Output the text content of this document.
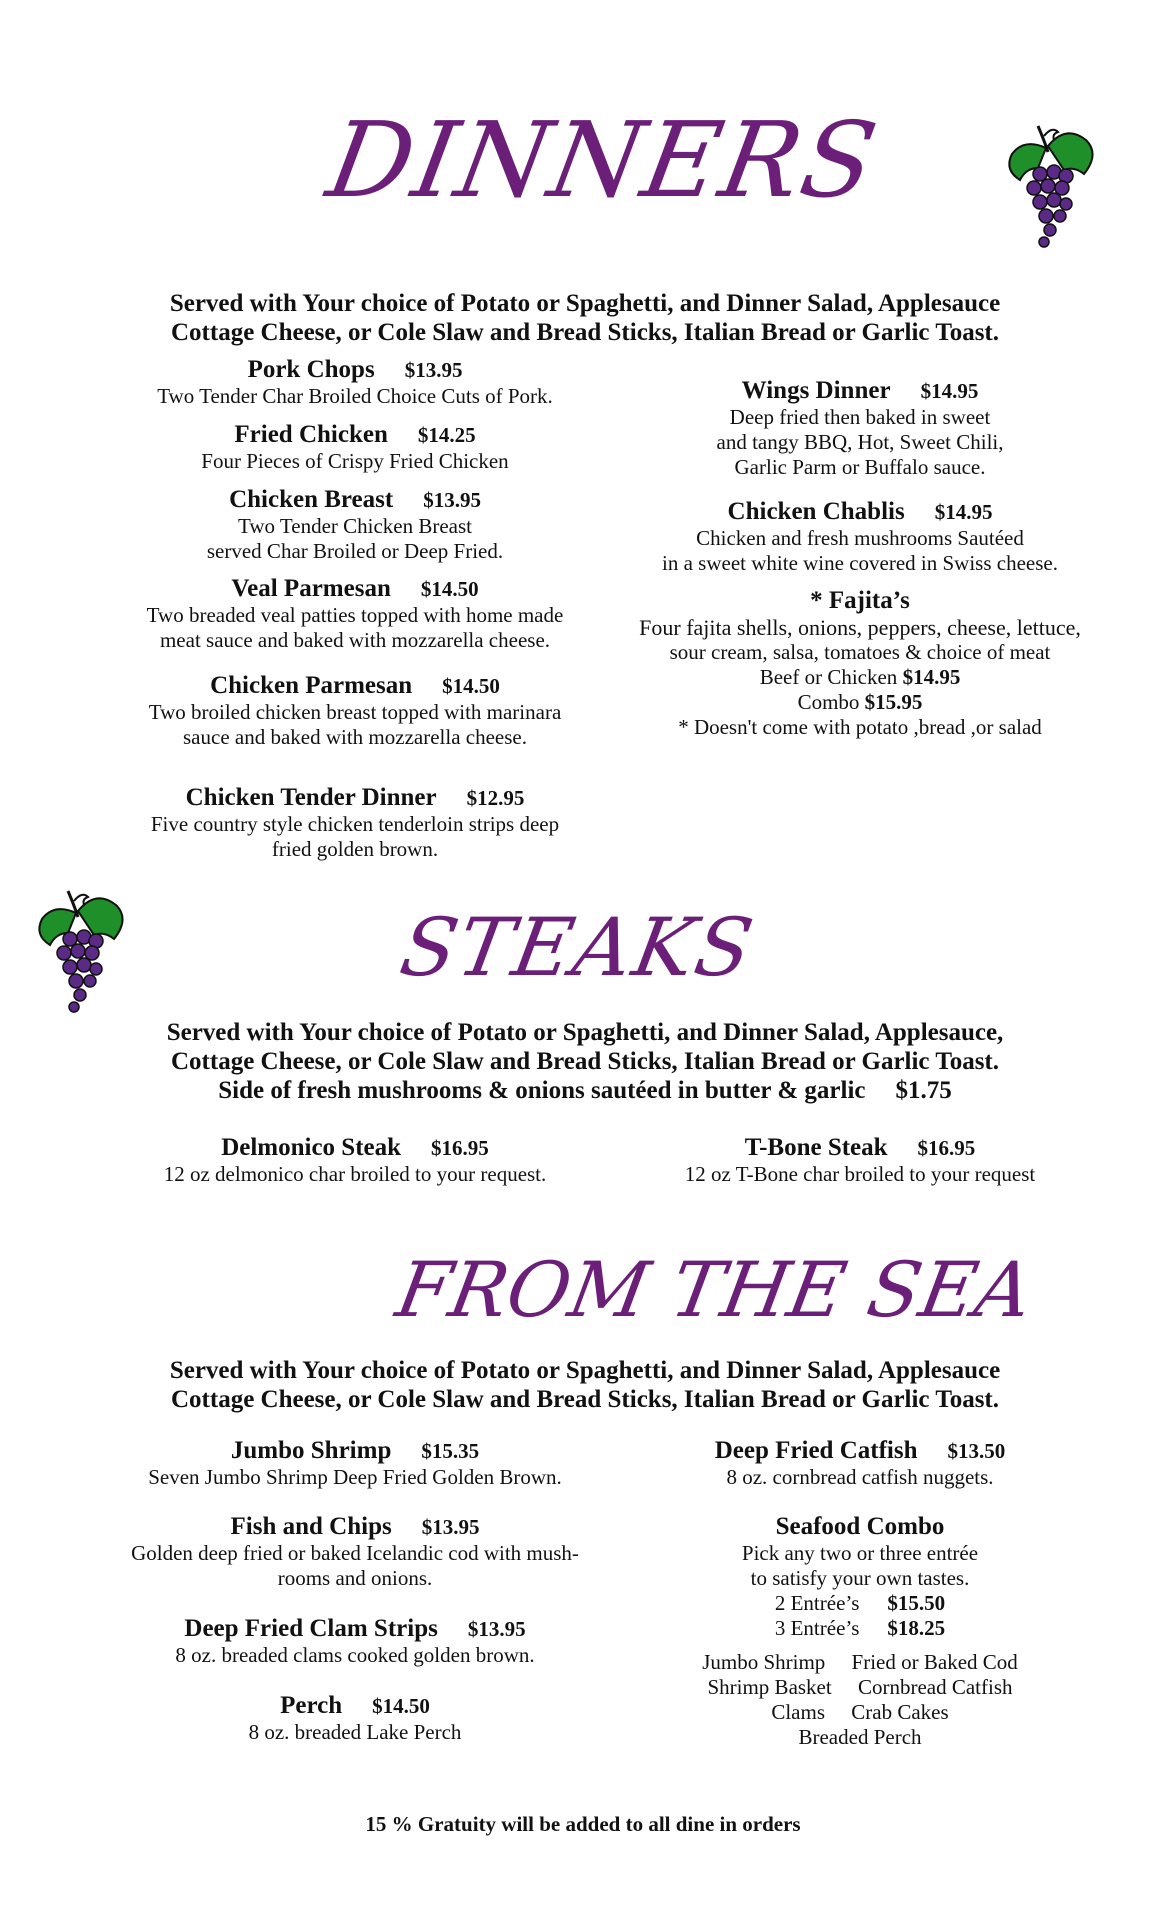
DINNERS
Served with Your choice of Potato or Spaghetti, and Dinner Salad, Applesauce
Cottage Cheese, or Cole Slaw and Bread Sticks, Italian Bread or Garlic Toast.
Pork Chops $13.95
Two Tender Char Broiled Choice Cuts of Pork.
Fried Chicken $14.25
Four Pieces of Crispy Fried Chicken
Chicken Breast $13.95
Two Tender Chicken Breast
served Char Broiled or Deep Fried.
Veal Parmesan $14.50
Two breaded veal patties topped with home made
meat sauce and baked with mozzarella cheese.
Chicken Parmesan $14.50
Two broiled chicken breast topped with marinara
sauce and baked with mozzarella cheese.
Chicken Tender Dinner $12.95
Five country style chicken tenderloin strips deep
fried golden brown.
Wings Dinner $14.95
Deep fried then baked in sweet
and tangy BBQ, Hot, Sweet Chili,
Garlic Parm or Buffalo sauce.
Chicken Chablis $14.95
Chicken and fresh mushrooms Sautéed
in a sweet white wine covered in Swiss cheese.
* Fajita’s
Four fajita shells, onions, peppers, cheese, lettuce,
sour cream, salsa, tomatoes & choice of meat
Beef or Chicken $14.95
Combo $15.95
* Doesn't come with potato ,bread ,or salad
STEAKS
Served with Your choice of Potato or Spaghetti, and Dinner Salad, Applesauce,
Cottage Cheese, or Cole Slaw and Bread Sticks, Italian Bread or Garlic Toast.
Side of fresh mushrooms & onions sautéed in butter & garlic $1.75
Delmonico Steak $16.95
12 oz delmonico char broiled to your request.
T-Bone Steak $16.95
12 oz T-Bone char broiled to your request
FROM THE SEA
Served with Your choice of Potato or Spaghetti, and Dinner Salad, Applesauce
Cottage Cheese, or Cole Slaw and Bread Sticks, Italian Bread or Garlic Toast.
Jumbo Shrimp $15.35
Seven Jumbo Shrimp Deep Fried Golden Brown.
Fish and Chips $13.95
Golden deep fried or baked Icelandic cod with mush-
rooms and onions.
Deep Fried Clam Strips $13.95
8 oz. breaded clams cooked golden brown.
Perch $14.50
8 oz. breaded Lake Perch
Deep Fried Catfish $13.50
8 oz. cornbread catfish nuggets.
Seafood Combo
Pick any two or three entrée
to satisfy your own tastes.
2 Entrée’s $15.50
3 Entrée’s $18.25
Jumbo Shrimp     Fried or Baked Cod
Shrimp Basket     Cornbread Catfish
Clams     Crab Cakes
Breaded Perch
15 % Gratuity will be added to all dine in orders
